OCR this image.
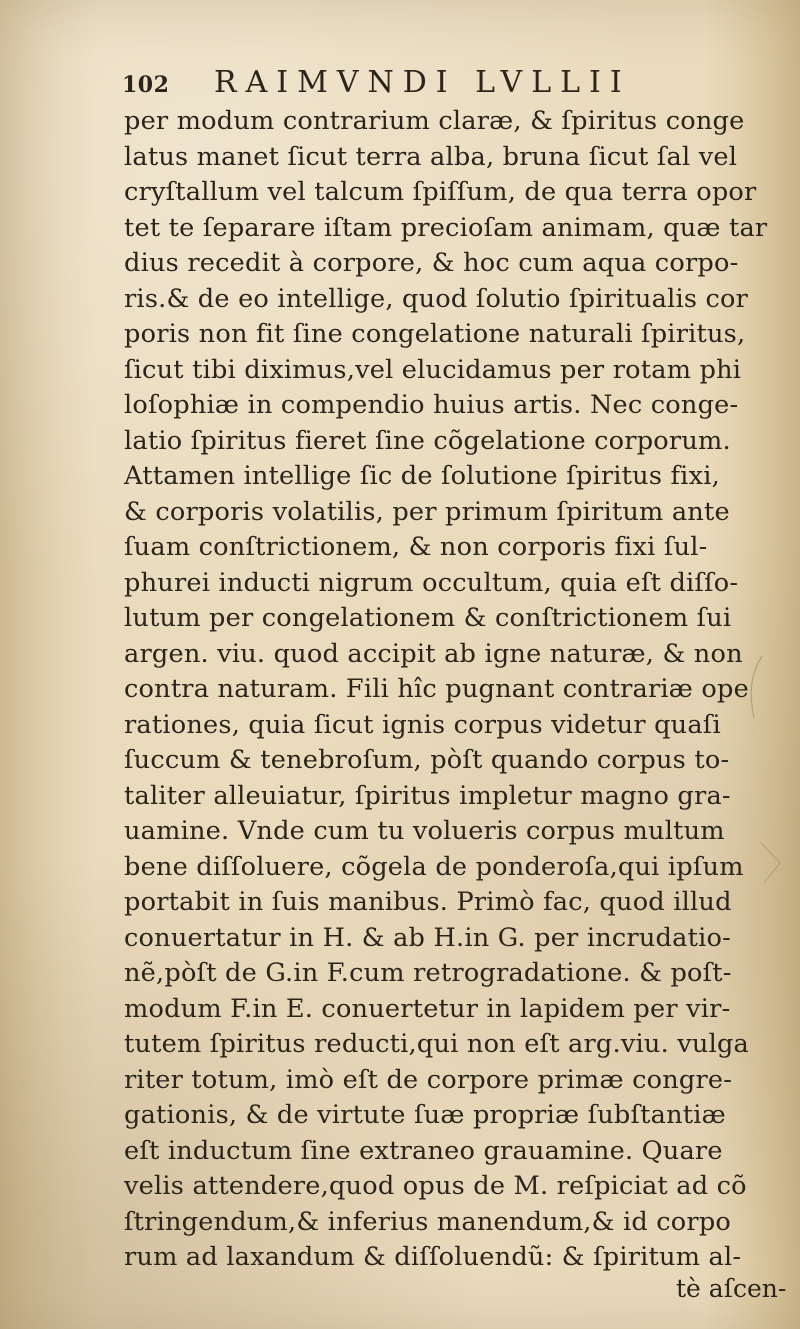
102 RAIMVNDI LVLLII
per modum contrarium claræ, & ſpiritus conge
latus manet ſicut terra alba, bruna ſicut ſal vel
cryſtallum vel talcum ſpiſſum, de qua terra opor
tet te ſeparare iſtam precioſam animam, quæ tar
dius recedit à corpore, & hoc cum aqua corpo-
ris.& de eo intellige, quod ſolutio ſpiritualis cor
poris non fit ſine congelatione naturali ſpiritus,
ſicut tibi diximus,vel elucidamus per rotam phi
loſophiæ in compendio huius artis. Nec conge-
latio ſpiritus fieret ſine cõgelatione corporum.
Attamen intellige ſic de ſolutione ſpiritus fixi,
& corporis volatilis, per primum ſpiritum ante
ſuam conſtrictionem, & non corporis fixi ſul-
phurei inducti nigrum occultum, quia eſt diſſo-
lutum per congelationem & conſtrictionem ſui
argen. viu. quod accipit ab igne naturæ, & non
contra naturam. Fili hîc pugnant contrariæ ope
rationes, quia ſicut ignis corpus videtur quaſi
ſuccum & tenebroſum, pòſt quando corpus to-
taliter alleuiatur, ſpiritus impletur magno gra-
uamine. Vnde cum tu volueris corpus multum
bene diſſoluere, cõgela de ponderoſa,qui ipſum
portabit in ſuis manibus. Primò fac, quod illud
conuertatur in H. & ab H.in G. per incrudatio-
nẽ,pòſt de G.in F.cum retrogradatione. & poſt-
modum F.in E. conuertetur in lapidem per vir-
tutem ſpiritus reducti,qui non eſt arg.viu. vulga
riter totum, imò eſt de corpore primæ congre-
gationis, & de virtute ſuæ propriæ ſubſtantiæ
eſt inductum ſine extraneo grauamine. Quare
velis attendere,quod opus de M. reſpiciat ad cõ
ſtringendum,& inferius manendum,& id corpo
rum ad laxandum & diſſoluendũ: & ſpiritum al-
tè aſcen-
